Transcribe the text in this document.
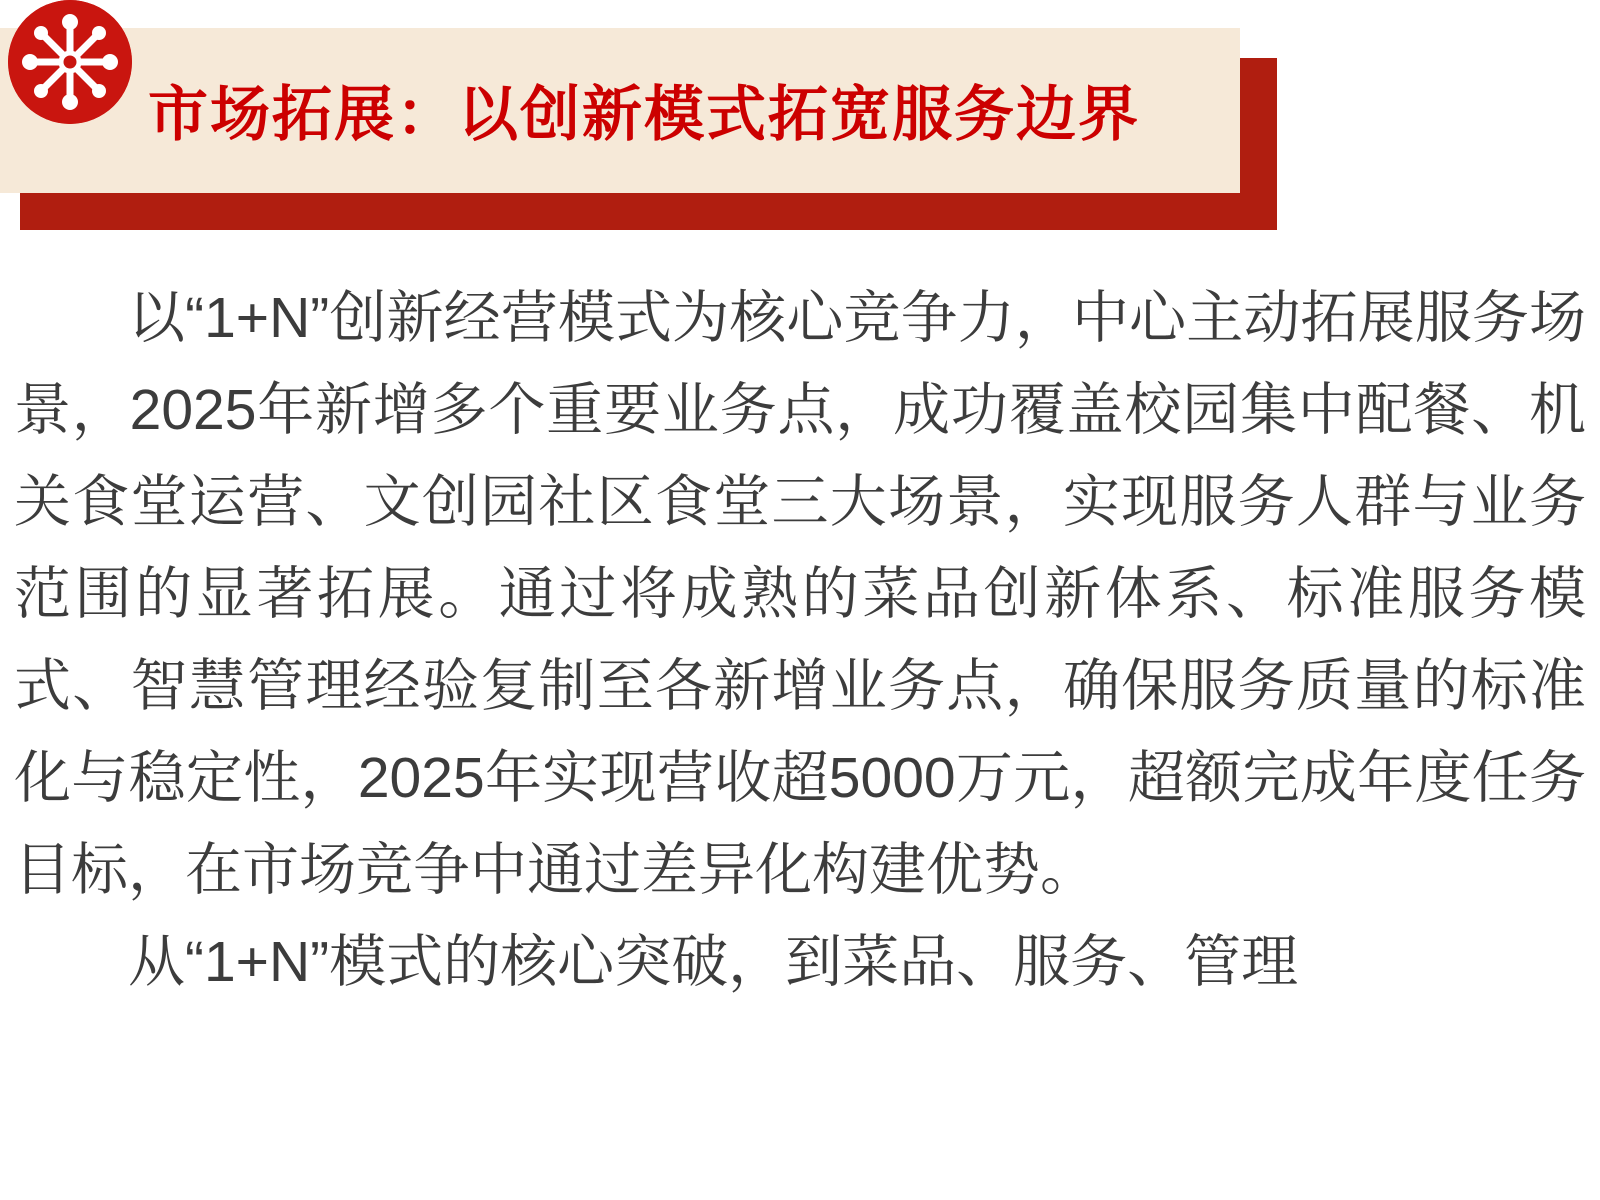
市场拓展：以创新模式拓宽服务边界

以“1+N”创新经营模式为核心竞争力，中心主动拓展服务场景，2025年新增多个重要业务点，成功覆盖校园集中配餐、机关食堂运营、文创园社区食堂三大场景，实现服务人群与业务范围的显著拓展。通过将成熟的菜品创新体系、标准服务模式、智慧管理经验复制至各新增业务点，确保服务质量的标准化与稳定性，2025年实现营收超5000万元，超额完成年度任务目标，在市场竞争中通过差异化构建优势。

从“1+N”模式的核心突破，到菜品、服务、管理
